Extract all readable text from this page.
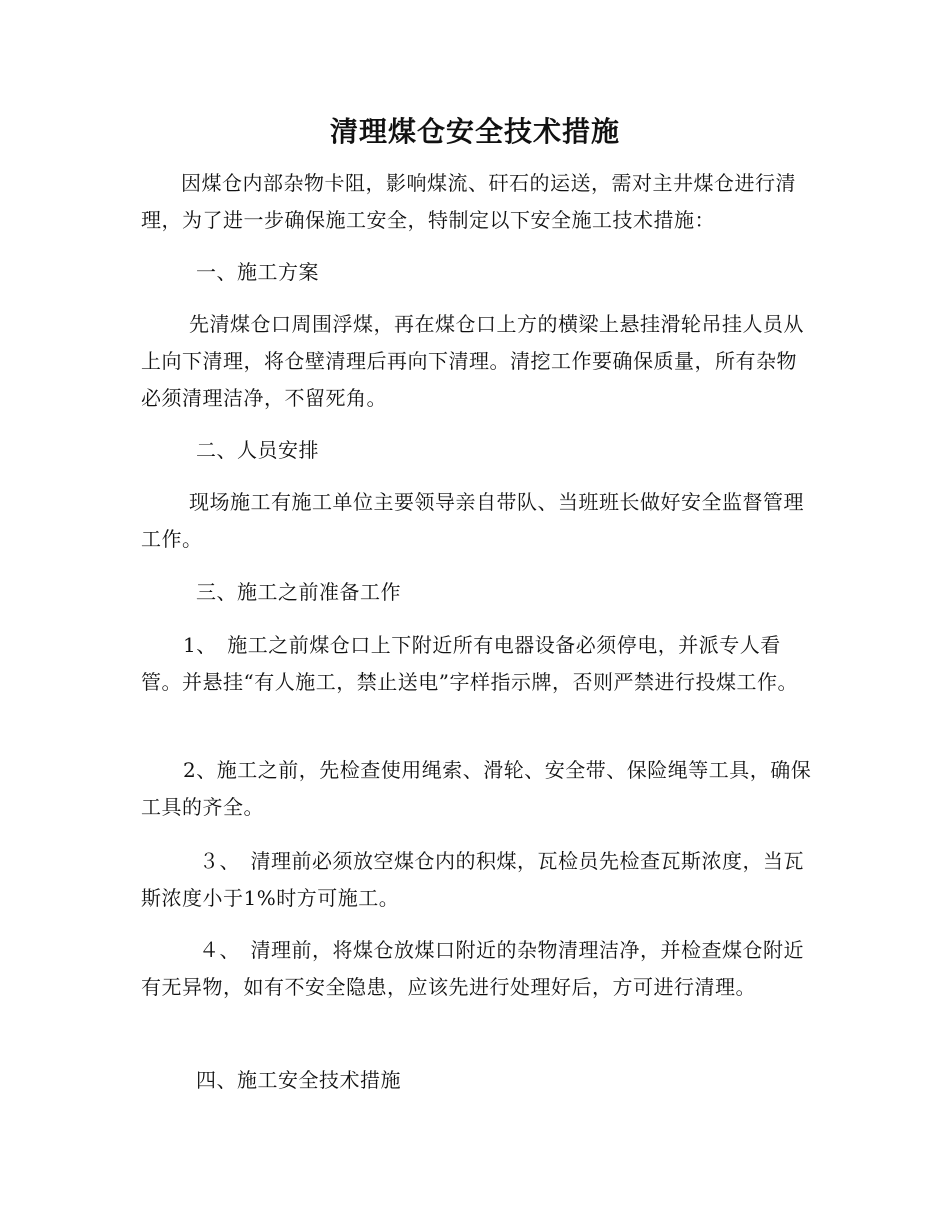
清理煤仓安全技术措施
因煤仓内部杂物卡阻，影响煤流、矸石的运送，需对主井煤仓进行清理，为了进一步确保施工安全，特制定以下安全施工技术措施：
一、施工方案
先清煤仓口周围浮煤，再在煤仓口上方的横梁上悬挂滑轮吊挂人员从上向下清理，将仓壁清理后再向下清理。清挖工作要确保质量，所有杂物必须清理洁净，不留死角。
二、人员安排
现场施工有施工单位主要领导亲自带队、当班班长做好安全监督管理工作。
三、施工之前准备工作
1、　施工之前煤仓口上下附近所有电器设备必须停电，并派专人看管。并悬挂“有人施工，禁止送电”字样指示牌，否则严禁进行投煤工作。
2、施工之前，先检查使用绳索、滑轮、安全带、保险绳等工具，确保工具的齐全。
３、　清理前必须放空煤仓内的积煤，瓦检员先检查瓦斯浓度，当瓦斯浓度小于1%时方可施工。
４、　清理前，将煤仓放煤口附近的杂物清理洁净，并检查煤仓附近有无异物，如有不安全隐患，应该先进行处理好后，方可进行清理。
四、施工安全技术措施
